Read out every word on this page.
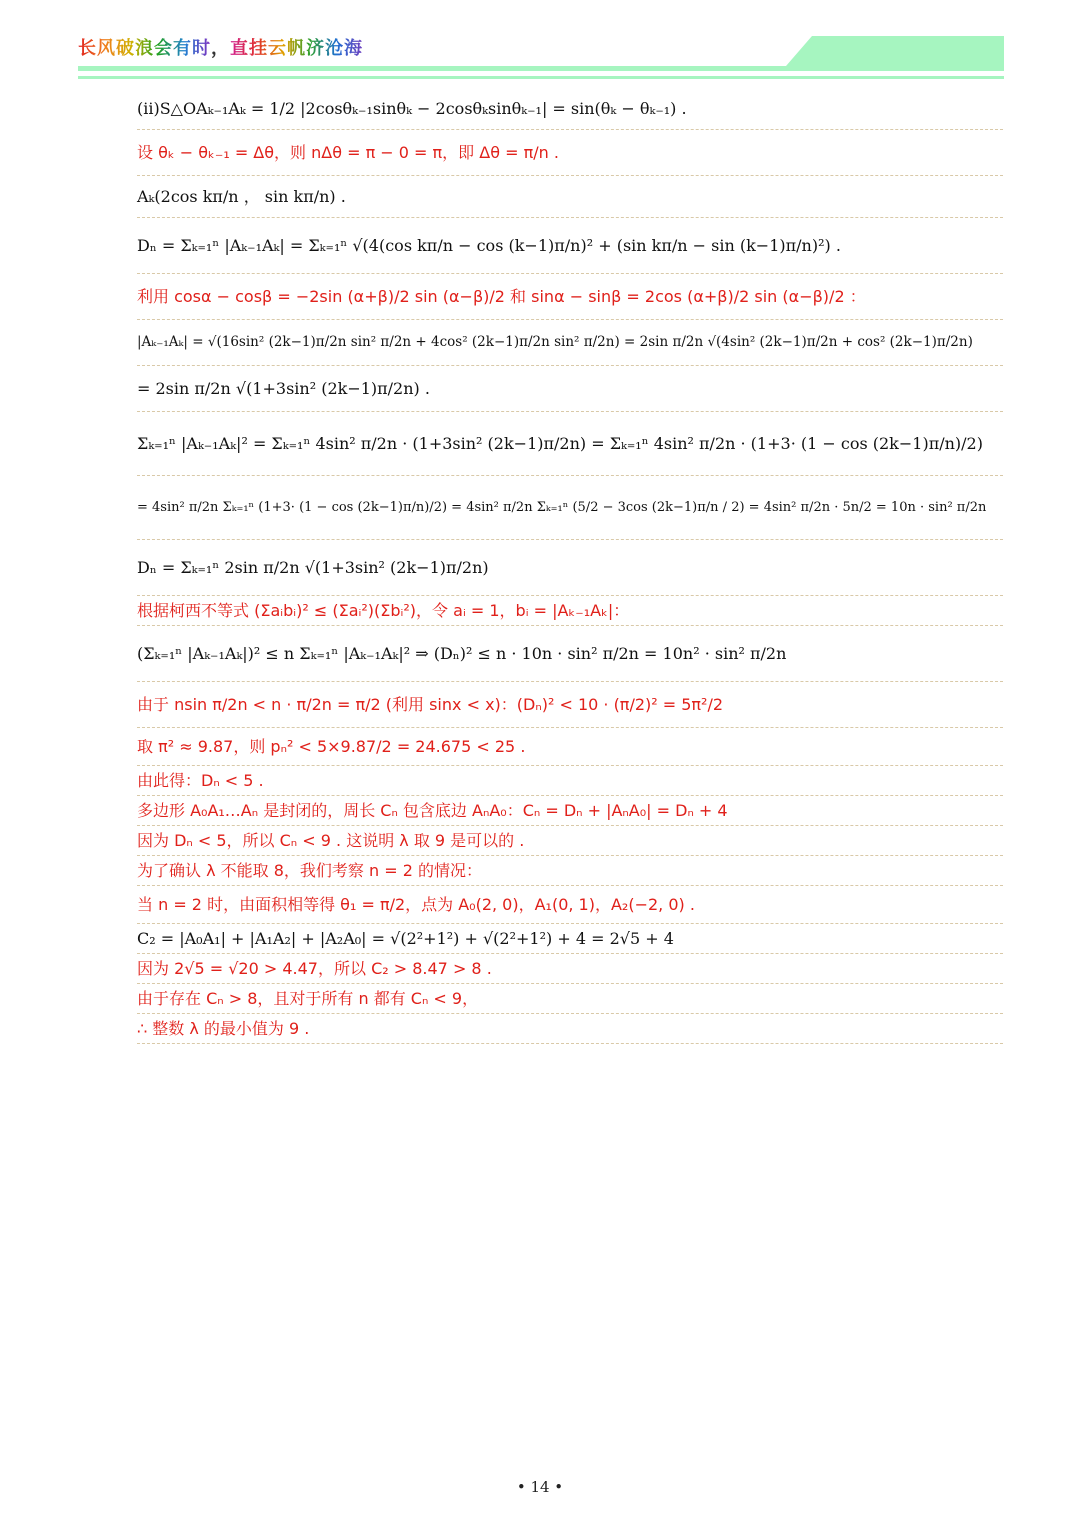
长风破浪会有时，直挂云帆济沧海
(ii)S△OAₖ₋₁Aₖ = 1/2 |2cosθₖ₋₁sinθₖ − 2cosθₖsinθₖ₋₁| = sin(θₖ − θₖ₋₁) .
设 θₖ − θₖ₋₁ = Δθ，则 nΔθ = π − 0 = π，即 Δθ = π/n .
Aₖ(2cos kπ/n ， sin kπ/n) .
Dₙ = Σₖ₌₁ⁿ |Aₖ₋₁Aₖ| = Σₖ₌₁ⁿ √(4(cos kπ/n − cos (k−1)π/n)² + (sin kπ/n − sin (k−1)π/n)²) .
利用 cosα − cosβ = −2sin (α+β)/2 sin (α−β)/2 和 sinα − sinβ = 2cos (α+β)/2 sin (α−β)/2 ：
|Aₖ₋₁Aₖ| = √(16sin² (2k−1)π/2n sin² π/2n + 4cos² (2k−1)π/2n sin² π/2n) = 2sin π/2n √(4sin² (2k−1)π/2n + cos² (2k−1)π/2n)
= 2sin π/2n √(1+3sin² (2k−1)π/2n) .
Σₖ₌₁ⁿ |Aₖ₋₁Aₖ|² = Σₖ₌₁ⁿ 4sin² π/2n · (1+3sin² (2k−1)π/2n) = Σₖ₌₁ⁿ 4sin² π/2n · (1+3· (1 − cos (2k−1)π/n)/2)
= 4sin² π/2n Σₖ₌₁ⁿ (1+3· (1 − cos (2k−1)π/n)/2) = 4sin² π/2n Σₖ₌₁ⁿ (5/2 − 3cos (2k−1)π/n / 2) = 4sin² π/2n · 5n/2 = 10n · sin² π/2n
Dₙ = Σₖ₌₁ⁿ 2sin π/2n √(1+3sin² (2k−1)π/2n)
根据柯西不等式 (Σaᵢbᵢ)² ≤ (Σaᵢ²)(Σbᵢ²)，令 aᵢ = 1，bᵢ = |Aₖ₋₁Aₖ|：
(Σₖ₌₁ⁿ |Aₖ₋₁Aₖ|)² ≤ n Σₖ₌₁ⁿ |Aₖ₋₁Aₖ|² ⇒ (Dₙ)² ≤ n · 10n · sin² π/2n = 10n² · sin² π/2n
由于 nsin π/2n < n · π/2n = π/2 (利用 sinx < x)：(Dₙ)² < 10 · (π/2)² = 5π²/2
取 π² ≈ 9.87，则 pₙ² < 5×9.87/2 = 24.675 < 25 .
由此得：Dₙ < 5 .
多边形 A₀A₁…Aₙ 是封闭的，周长 Cₙ 包含底边 AₙA₀：Cₙ = Dₙ + |AₙA₀| = Dₙ + 4
因为 Dₙ < 5，所以 Cₙ < 9 . 这说明 λ 取 9 是可以的 .
为了确认 λ 不能取 8，我们考察 n = 2 的情况：
当 n = 2 时，由面积相等得 θ₁ = π/2，点为 A₀(2, 0)，A₁(0, 1)，A₂(−2, 0) .
C₂ = |A₀A₁| + |A₁A₂| + |A₂A₀| = √(2²+1²) + √(2²+1²) + 4 = 2√5 + 4
因为 2√5 = √20 > 4.47，所以 C₂ > 8.47 > 8 .
由于存在 Cₙ > 8，且对于所有 n 都有 Cₙ < 9，
∴ 整数 λ 的最小值为 9 .
• 14 •
